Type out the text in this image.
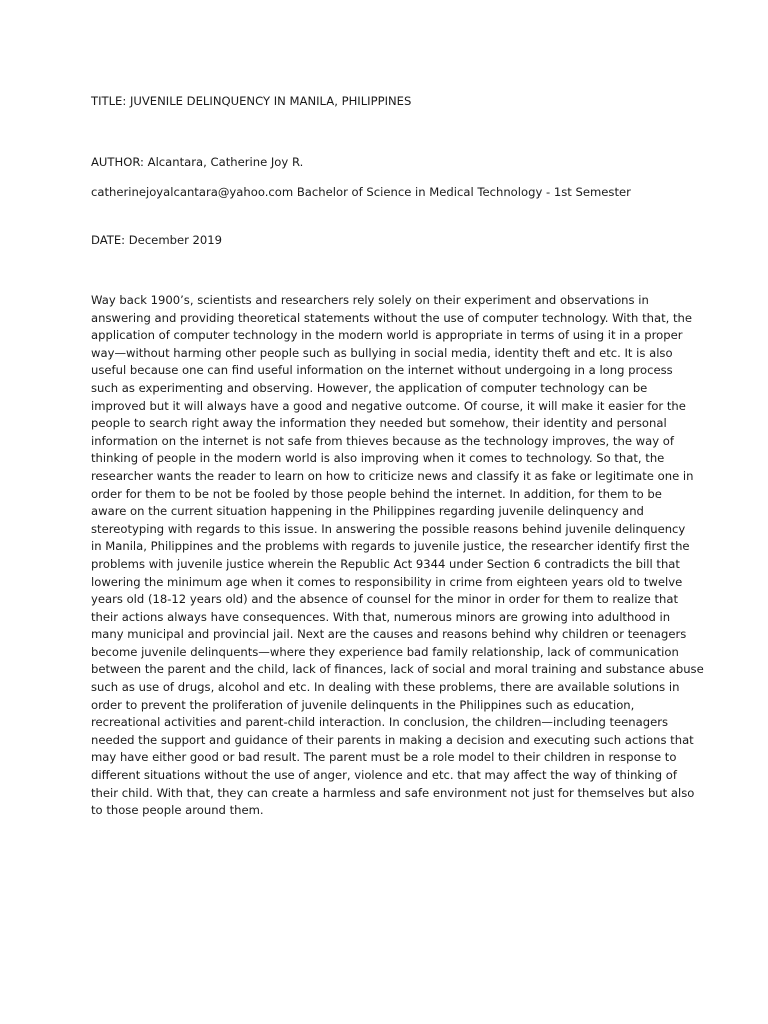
TITLE: JUVENILE DELINQUENCY IN MANILA, PHILIPPINES

AUTHOR: Alcantara, Catherine Joy R.

catherinejoyalcantara@yahoo.com Bachelor of Science in Medical Technology - 1st Semester

DATE: December 2019

Way back 1900’s, scientists and researchers rely solely on their experiment and observations in
answering and providing theoretical statements without the use of computer technology. With that, the
application of computer technology in the modern world is appropriate in terms of using it in a proper
way—without harming other people such as bullying in social media, identity theft and etc. It is also
useful because one can find useful information on the internet without undergoing in a long process
such as experimenting and observing. However, the application of computer technology can be
improved but it will always have a good and negative outcome. Of course, it will make it easier for the
people to search right away the information they needed but somehow, their identity and personal
information on the internet is not safe from thieves because as the technology improves, the way of
thinking of people in the modern world is also improving when it comes to technology. So that, the
researcher wants the reader to learn on how to criticize news and classify it as fake or legitimate one in
order for them to be not be fooled by those people behind the internet. In addition, for them to be
aware on the current situation happening in the Philippines regarding juvenile delinquency and
stereotyping with regards to this issue. In answering the possible reasons behind juvenile delinquency
in Manila, Philippines and the problems with regards to juvenile justice, the researcher identify first the
problems with juvenile justice wherein the Republic Act 9344 under Section 6 contradicts the bill that
lowering the minimum age when it comes to responsibility in crime from eighteen years old to twelve
years old (18-12 years old) and the absence of counsel for the minor in order for them to realize that
their actions always have consequences. With that, numerous minors are growing into adulthood in
many municipal and provincial jail. Next are the causes and reasons behind why children or teenagers
become juvenile delinquents—where they experience bad family relationship, lack of communication
between the parent and the child, lack of finances, lack of social and moral training and substance abuse
such as use of drugs, alcohol and etc. In dealing with these problems, there are available solutions in
order to prevent the proliferation of juvenile delinquents in the Philippines such as education,
recreational activities and parent-child interaction. In conclusion, the children—including teenagers
needed the support and guidance of their parents in making a decision and executing such actions that
may have either good or bad result. The parent must be a role model to their children in response to
different situations without the use of anger, violence and etc. that may affect the way of thinking of
their child. With that, they can create a harmless and safe environment not just for themselves but also
to those people around them.
